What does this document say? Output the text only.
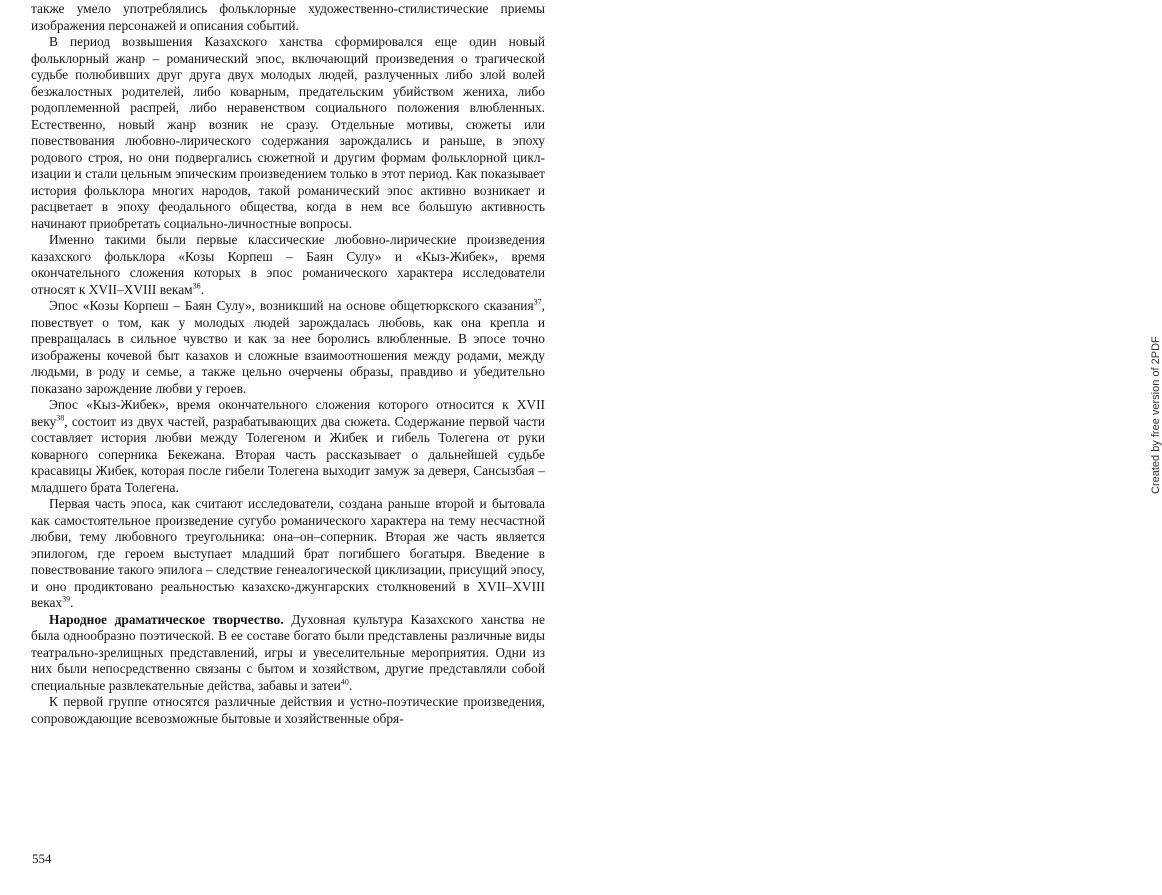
также умело употреблялись фольклорные художественно-стилистические приемы изображения персонажей и описания событий.

В период возвышения Казахского ханства сформировался еще один новый фольклорный жанр – романический эпос, включающий произведения о трагической судьбе полюбивших друг друга двух молодых людей, разлученных либо злой волей безжалостных родителей, либо коварным, предательским убийством жениха, либо родоплеменной распрей, либо неравенством социального положения влюбленных. Естественно, новый жанр возник не сразу. Отдельные мотивы, сюжеты или повествования любовно-лирического содержания зарождались и раньше, в эпоху родового строя, но они подвергались сюжетной и другим формам фольклорной циклизации и стали цельным эпическим произведением только в этот период. Как показывает история фольклора многих народов, такой романический эпос активно возникает и расцветает в эпоху феодального общества, когда в нем все большую активность начинают приобретать социально-личностные вопросы.

Именно такими были первые классические любовно-лирические произведения казахского фольклора «Козы Корпеш – Баян Сулу» и «Кыз-Жибек», время окончательного сложения которых в эпос романического характера исследователи относят к XVII–XVIII векам$^{36}$.

Эпос «Козы Корпеш – Баян Сулу», возникший на основе общетюркского сказания$^{37}$, повествует о том, как у молодых людей зарождалась любовь, как она крепла и превращалась в сильное чувство и как за нее боролись влюбленные. В эпосе точно изображены кочевой быт казахов и сложные взаимоотношения между родами, между людьми, в роду и семье, а также цельно очерчены образы, правдиво и убедительно показано зарождение любви у героев.

Эпос «Кыз-Жибек», время окончательного сложения которого относится к XVII веку$^{38}$, состоит из двух частей, разрабатывающих два сюжета. Содержание первой части составляет история любви между Толегеном и Жибек и гибель Толегена от руки коварного соперника Бекежана. Вторая часть рассказывает о дальнейшей судьбе красавицы Жибек, которая после гибели Толегена выходит замуж за деверя, Сансызбая – младшего брата Толегена.

Первая часть эпоса, как считают исследователи, создана раньше второй и бытовала как самостоятельное произведение сугубо романического характера на тему несчастной любви, тему любовного треугольника: она–он–соперник. Вторая же часть является эпилогом, где героем выступает младший брат погибшего богатыря. Введение в повествование такого эпилога – следствие генеалогической циклизации, присущий эпосу, и оно продиктовано реальностью казахско-джунгарских столкновений в XVII–XVIII веках$^{39}$.

Народное драматическое творчество. Духовная культура Казахского ханства не была однообразно поэтической. В ее составе богато были представлены различные виды театрально-зрелищных представлений, игры и увеселительные мероприятия. Одни из них были непосредственно связаны с бытом и хозяйством, другие представляли собой специальные развлекательные действа, забавы и затеи$^{40}$.

К первой группе относятся различные действия и устно-поэтические произведения, сопровождающие всевозможные бытовые и хозяйственные обря-

554
Created by free version of 2PDF
